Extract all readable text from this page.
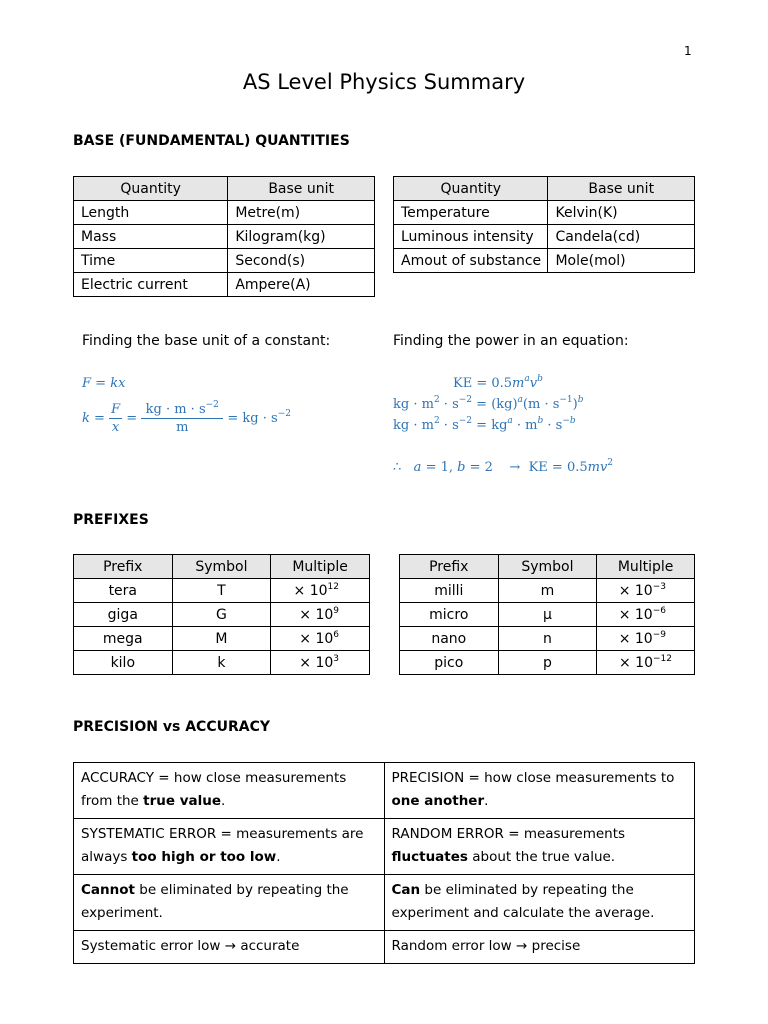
1
AS Level Physics Summary
BASE (FUNDAMENTAL) QUANTITIES
Quantity	Base unit
Length	Metre(m)
Mass	Kilogram(kg)
Time	Second(s)
Electric current	Ampere(A)
Quantity	Base unit
Temperature	Kelvin(K)
Luminous intensity	Candela(cd)
Amout of substance	Mole(mol)
Finding the base unit of a constant:	Finding the power in an equation:
F = kx
$k = \frac{F}{x} = \frac{kg \cdot m \cdot s^{-2}}{m}$ = kg · $s^{-2}$
KE = $0.5m^av^b$
kg · $m^2 \cdot s^{-2} = (kg)^a(m \cdot s^{-1})^b$
kg · $m^2 \cdot s^{-2} = kg^a \cdot m^b \cdot s^{-b}$
∴   a = 1, b = 2    →  KE = $0.5mv^2$
PREFIXES
Prefix	Symbol	Multiple
tera	T	× $10^{12}$
giga	G	× $10^9$
mega	M	× $10^6$
kilo	k	× $10^3$
Prefix	Symbol	Multiple
milli	m	× $10^{-3}$
micro	μ	× $10^{-6}$
nano	n	× $10^{-9}$
pico	p	× $10^{-12}$
PRECISION vs ACCURACY
ACCURACY = how close measurements from the true value.	PRECISION = how close measurements to one another.
SYSTEMATIC ERROR = measurements are always too high or too low.	RANDOM ERROR = measurements fluctuates about the true value.
Cannot be eliminated by repeating the experiment.	Can be eliminated by repeating the experiment and calculate the average.
Systematic error low → accurate	Random error low → precise
